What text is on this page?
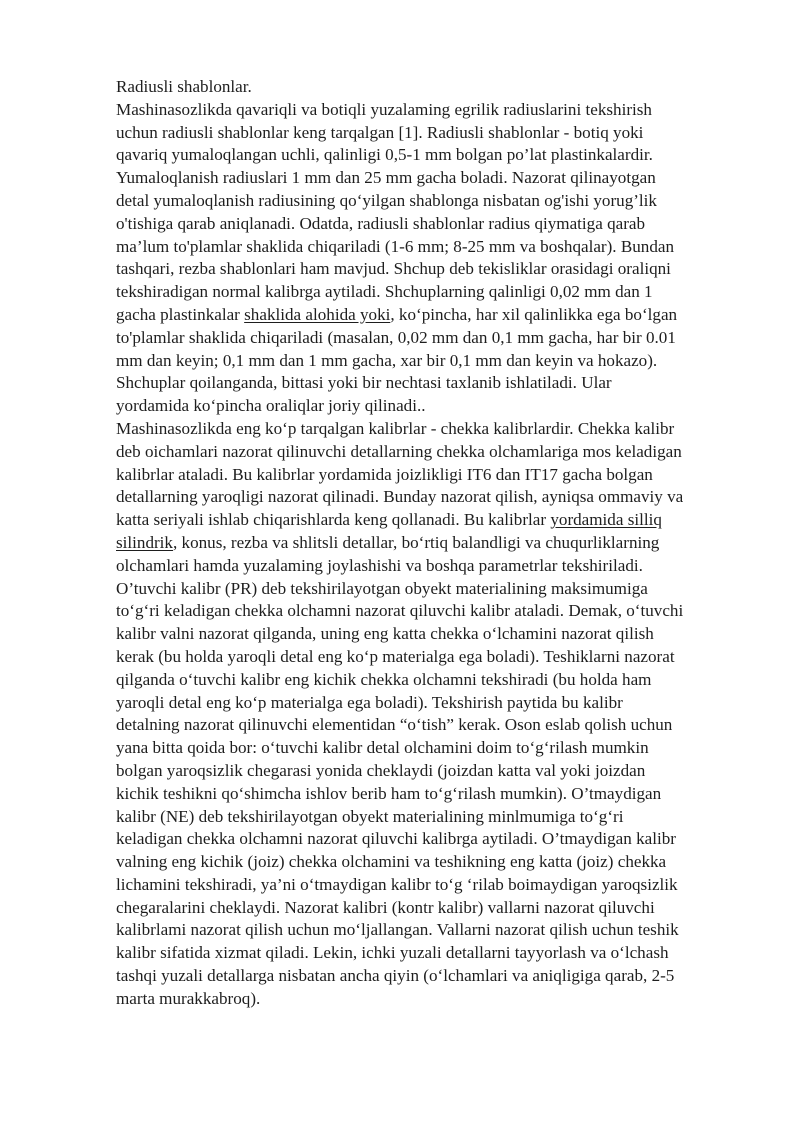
Radiusli shablonlar.
Mashinasozlikda qavariqli va botiqli yuzalaming egrilik radiuslarini tekshirish
uchun radiusli shablonlar keng tarqalgan [1]. Radiusli shablonlar - botiq yoki
qavariq yumaloqlangan uchli, qalinligi 0,5-1 mm bolgan po’lat plastinkalardir.
Yumaloqlanish radiuslari 1 mm dan 25 mm gacha boladi. Nazorat qilinayotgan
detal yumaloqlanish radiusining qo‘yilgan shablonga nisbatan og'ishi yorug’lik
o'tishiga qarab aniqlanadi. Odatda, radiusli shablonlar radius qiymatiga qarab
ma’lum to'plamlar shaklida chiqariladi (1-6 mm; 8-25 mm va boshqalar). Bundan
tashqari, rezba shablonlari ham mavjud. Shchup deb tekisliklar orasidagi oraliqni
tekshiradigan normal kalibrga aytiladi. Shchuplarning qalinligi 0,02 mm dan 1
gacha plastinkalar shaklida alohida yoki, ko‘pincha, har xil qalinlikka ega bo‘lgan
to'plamlar shaklida chiqariladi (masalan, 0,02 mm dan 0,1 mm gacha, har bir 0.01
mm dan keyin; 0,1 mm dan 1 mm gacha, xar bir 0,1 mm dan keyin va hokazo).
Shchuplar qoilanganda, bittasi yoki bir nechtasi taxlanib ishlatiladi. Ular
yordamida ko‘pincha oraliqlar joriy qilinadi..
Mashinasozlikda eng ko‘p tarqalgan kalibrlar - chekka kalibrlardir. Chekka kalibr
deb oichamlari nazorat qilinuvchi detallarning chekka olchamlariga mos keladigan
kalibrlar ataladi. Bu kalibrlar yordamida joizlikligi IT6 dan IT17 gacha bolgan
detallarning yaroqligi nazorat qilinadi. Bunday nazorat qilish, ayniqsa ommaviy va
katta seriyali ishlab chiqarishlarda keng qollanadi. Bu kalibrlar yordamida silliq
silindrik, konus, rezba va shlitsli detallar, bo‘rtiq balandligi va chuqurliklarning
olchamlari hamda yuzalaming joylashishi va boshqa parametrlar tekshiriladi.
O’tuvchi kalibr (PR) deb tekshirilayotgan obyekt materialining maksimumiga
to‘g‘ri keladigan chekka olchamni nazorat qiluvchi kalibr ataladi. Demak, o‘tuvchi
kalibr valni nazorat qilganda, uning eng katta chekka o‘lchamini nazorat qilish
kerak (bu holda yaroqli detal eng ko‘p materialga ega boladi). Teshiklarni nazorat
qilganda o‘tuvchi kalibr eng kichik chekka olchamni tekshiradi (bu holda ham
yaroqli detal eng ko‘p materialga ega boladi). Tekshirish paytida bu kalibr
detalning nazorat qilinuvchi elementidan “o‘tish” kerak. Oson eslab qolish uchun
yana bitta qoida bor: o‘tuvchi kalibr detal olchamini doim to‘g‘rilash mumkin
bolgan yaroqsizlik chegarasi yonida cheklaydi (joizdan katta val yoki joizdan
kichik teshikni qo‘shimcha ishlov berib ham to‘g‘rilash mumkin). O’tmaydigan
kalibr (NE) deb tekshirilayotgan obyekt materialining minlmumiga to‘g‘ri
keladigan chekka olchamni nazorat qiluvchi kalibrga aytiladi. O’tmaydigan kalibr
valning eng kichik (joiz) chekka olchamini va teshikning eng katta (joiz) chekka
lichamini tekshiradi, ya’ni o‘tmaydigan kalibr to‘g ‘rilab boimaydigan yaroqsizlik
chegaralarini cheklaydi. Nazorat kalibri (kontr kalibr) vallarni nazorat qiluvchi
kalibrlami nazorat qilish uchun mo‘ljallangan. Vallarni nazorat qilish uchun teshik
kalibr sifatida xizmat qiladi. Lekin, ichki yuzali detallarni tayyorlash va o‘lchash
tashqi yuzali detallarga nisbatan ancha qiyin (o‘lchamlari va aniqligiga qarab, 2-5
marta murakkabroq).
